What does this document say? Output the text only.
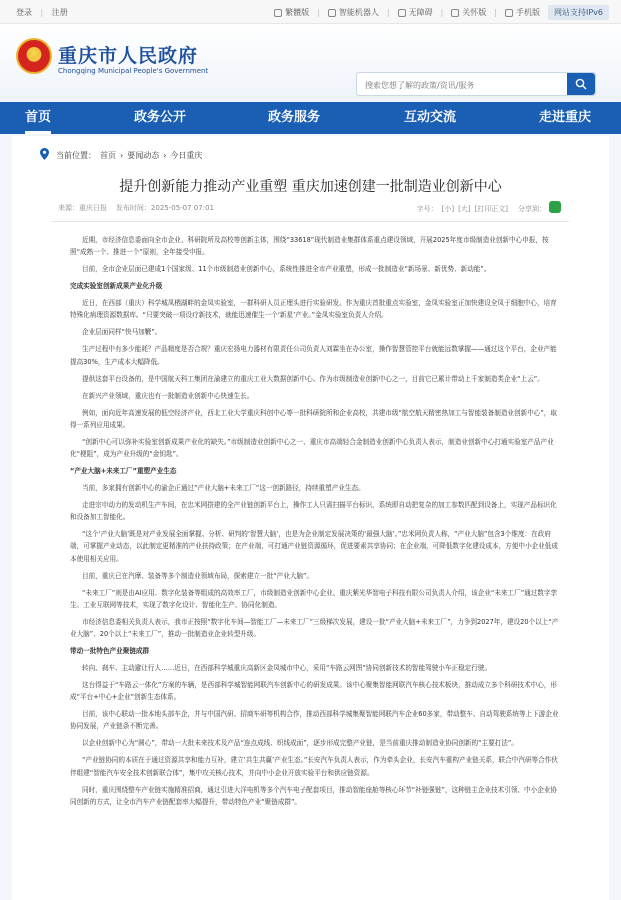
登录 | 注册	繁體版 | 智能机器人 | 无障碍 | 关怀版 | 手机版	网站支持IPv6
★
重庆市人民政府
Chongqing Municipal People's Government
搜索您想了解的政策/资讯/服务
首页	政务公开	政务服务	互动交流	走进重庆
当前位置： 首页 › 要闻动态 › 今日重庆
提升创新能力推动产业重塑 重庆加速创建一批制造业创新中心
来源：重庆日报 发布时间：2025-05-07 07:01	字号： [小] [大] [打印正文] 分享到：

近期，市经济信息委面向全市企业、科研院所及高校等创新主体，围绕“33618”现代制造业集群体系重点建设领域，开展2025年度市级制造业创新中心申报，按照“成熟一个、推进一个”原则，全年接受申报。

目前，全市企业层面已建成1个国家级、11个市级制造业创新中心，系统性推进全市产业重塑，形成一批制造业“新场景、新优势、新动能”。

完成实验室创新成果产业化升级

近日，在西部（重庆）科学城凤栖湖畔的金凤实验室，一群科研人员正埋头进行实验研发。作为重庆首批重点实验室，金凤实验室正加快建设全凤于细胞中心，培育特殊化病理资源数据库。“只要突破一项设疗新技术，就能迅速催生一个‘新星’产业。”金凤实验室负责人介绍。

企业层面同样“快马加鞭”。

生产过程中有多少能耗？产品精度是否合规？重庆宏扬电力器材有限责任公司负责人刘霖坐在办公室，操作智慧管控平台就能远数掌握——通过这个平台，企业产能提高30%，生产成本大幅降低。

提供这套平台设备的，是中国航天科工集团在渝建立的重庆工业大数据创新中心。作为市级制造业创新中心之一，目前它已累计带动上千家制造类企业“上云”。

在新兴产业领域，重庆也有一批制造业创新中心快速生长。

例如，面向近年高速发展的低空经济产业，西北工业大学重庆科创中心等一批科研院所和企业高校，共建市级“航空航天精密热加工与智能装备制造业创新中心”，取得一系列应用成果。

“创新中心可以弥补实验室创新成果产业化的缺失。”市级制造业创新中心之一、重庆市高端轻合金制造业创新中心负责人表示，制造业创新中心打通实验室产品产业化“梗阻”，成为产业升级的“金钥匙”。

“产业大脑+未来工厂”重塑产业生态

当前，多家拥有创新中心的渝企正通过“产业大脑+未来工厂”这一创新路径，持续重塑产业生态。

走进宗申动力的发动机生产车间，在忠米网搭建的全产业链创新平台上，操作工人只需扫描平台标识，系统即自动把复杂的加工参数匹配到设备上，实现产品标识化和设备加工智能化。

“这个‘产业大脑’既是对产业发展全面掌握、分析、研判的‘智慧大脑’，也是为企业制定发展决策的‘最强大脑’。”忠米网负责人称，“产业大脑”包含3个维度：在政府端，可掌握产业动态，以此制定更精准的产业扶持政策；在产业端，可打通产业链资源循环，促进要素共享协同；在企业端，可降低数字化建设成本，方便中小企业低成本使用相关应用。

目前，重庆已在汽摩、装备等多个制造业领域布局，探索建立一批“产业大脑”。

“未来工厂”则是由AI应用、数字化装备等组成的高效率工厂，市级制造业创新中心企业、重庆紫光华智电子科技有限公司负责人介绍，该企业“未来工厂”通过数字孪生、工业互联网等技术，实现了数字化设计、智能化生产、协同化制造。

市经济信息委相关负责人表示，我市正按照“数字化车间—智能工厂—未来工厂”三级梯次发展，建设一批“产业大脑+未来工厂”，力争到2027年，建设20个以上“产业大脑”、20个以上“未来工厂”，推动一批制造业企业转型升级。

带动一批特色产业聚链成群

转向、刹车、主动避让行人……近日，在西部科学城重庆高新区金凤城市中心，采用“车路云网图”协同创新技术的智能驾驶小车正稳定行驶。

这台得益于“车路云一体化”方案的车辆，是西部科学城智能网联汽车创新中心的研发成果。该中心聚集智能网联汽车核心技术板块，推动成立多个科研技术中心，形成“平台+中心+企业”创新生态体系。

目前，该中心联动一批本地头部车企，并与中国汽研、招商车研等机构合作，推动西部科学城集聚智能网联汽车企业60多家，带动整车、自动驾驶系统等上下游企业协同发展，产业链条不断完善。

以企业创新中心为“圆心”，带动一大批未来技术及产品“连点成线、织线成面”，逐步形成完整产业链，是当前重庆推动制造业协同创新的“主要打法”。

“产业链协同的本质在于通过资源共享和能力互补，建立‘共生共赢’产业生态。”长安汽车负责人表示，作为牵头企业，长安汽车重构产业链关系，联合中汽研等合作伙伴组建“智能汽车安全技术创新联合体”，集中攻关核心技术，并向中小企业开放实验平台和供应链资源。

同时，重庆围绕整车产业链实施精准招商，通过引进大洋电机等多个汽车电子配套项目，推动智能座舱等核心环节“补链强链”，这种链主企业技术引领、中小企业协同创新的方式，让全市汽车产业链配套率大幅提升，带动特色产业“聚链成群”。
